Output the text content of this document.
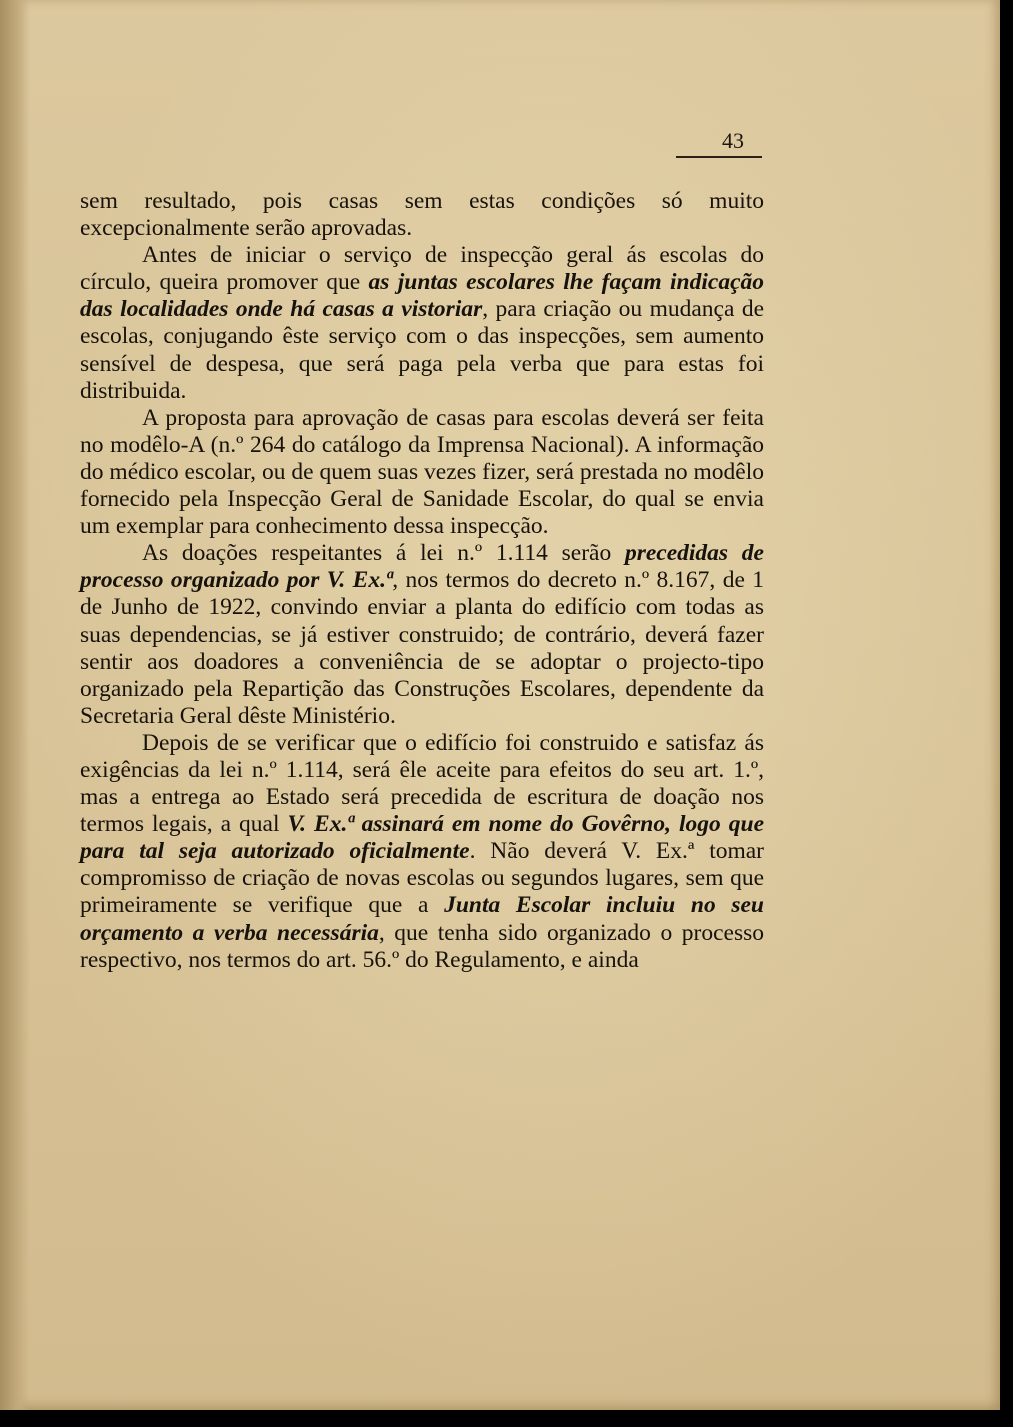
43

sem resultado, pois casas sem estas condições só muito excepcionalmente serão aprovadas.

Antes de iniciar o serviço de inspecção geral ás escolas do círculo, queira promover que as juntas escolares lhe façam indicação das localidades onde há casas a vistoriar, para criação ou mudança de escolas, conjugando êste serviço com o das inspecções, sem aumento sensível de despesa, que será paga pela verba que para estas foi distribuida.

A proposta para aprovação de casas para escolas deverá ser feita no modêlo-A (n.º 264 do catálogo da Imprensa Nacional). A informação do médico escolar, ou de quem suas vezes fizer, será prestada no modêlo fornecido pela Inspecção Geral de Sanidade Escolar, do qual se envia um exemplar para conhecimento dessa inspecção.

As doações respeitantes á lei n.º 1.114 serão precedidas de processo organizado por V. Ex.ª, nos termos do decreto n.º 8.167, de 1 de Junho de 1922, convindo enviar a planta do edifício com todas as suas dependencias, se já estiver construido; de contrário, deverá fazer sentir aos doadores a conveniência de se adoptar o projecto-tipo organizado pela Repartição das Construções Escolares, dependente da Secretaria Geral dêste Ministério.

Depois de se verificar que o edifício foi construido e satisfaz ás exigências da lei n.º 1.114, será êle aceite para efeitos do seu art. 1.º, mas a entrega ao Estado será precedida de escritura de doação nos termos legais, a qual V. Ex.ª assinará em nome do Govêrno, logo que para tal seja autorizado oficialmente. Não deverá V. Ex.ª tomar compromisso de criação de novas escolas ou segundos lugares, sem que primeiramente se verifique que a Junta Escolar incluiu no seu orçamento a verba necessária, que tenha sido organizado o processo respectivo, nos termos do art. 56.º do Regulamento, e ainda
